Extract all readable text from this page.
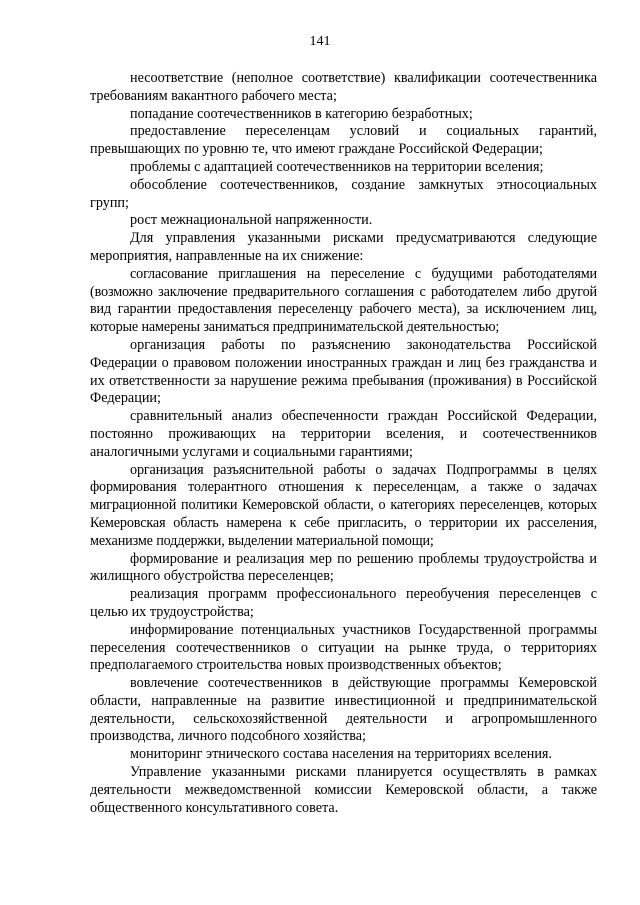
141

несоответствие (неполное соответствие) квалификации соотечественника требованиям вакантного рабочего места;

попадание соотечественников в категорию безработных;

предоставление переселенцам условий и социальных гарантий, превышающих по уровню те, что имеют граждане Российской Федерации;

проблемы с адаптацией соотечественников на территории вселения;

обособление соотечественников, создание замкнутых этносоциальных групп;

рост межнациональной напряженности.

Для управления указанными рисками предусматриваются следующие мероприятия, направленные на их снижение:

согласование приглашения на переселение с будущими работодателями (возможно заключение предварительного соглашения с работодателем либо другой вид гарантии предоставления переселенцу рабочего места), за исключением лиц, которые намерены заниматься предпринимательской деятельностью;

организация работы по разъяснению законодательства Российской Федерации о правовом положении иностранных граждан и лиц без гражданства и их ответственности за нарушение режима пребывания (проживания) в Российской Федерации;

сравнительный анализ обеспеченности граждан Российской Федерации, постоянно проживающих на территории вселения, и соотечественников аналогичными услугами и социальными гарантиями;

организация разъяснительной работы о задачах Подпрограммы в целях формирования толерантного отношения к переселенцам, а также о задачах миграционной политики Кемеровской области, о категориях переселенцев, которых Кемеровская область намерена к себе пригласить, о территории их расселения, механизме поддержки, выделении материальной помощи;

формирование и реализация мер по решению проблемы трудоустройства и жилищного обустройства переселенцев;

реализация программ профессионального переобучения переселенцев с целью их трудоустройства;

информирование потенциальных участников Государственной программы переселения соотечественников о ситуации на рынке труда, о территориях предполагаемого строительства новых производственных объектов;

вовлечение соотечественников в действующие программы Кемеровской области, направленные на развитие инвестиционной и предпринимательской деятельности, сельскохозяйственной деятельности и агропромышленного производства, личного подсобного хозяйства;

мониторинг этнического состава населения на территориях вселения.

Управление указанными рисками планируется осуществлять в рамках деятельности межведомственной комиссии Кемеровской области, а также общественного консультативного совета.
